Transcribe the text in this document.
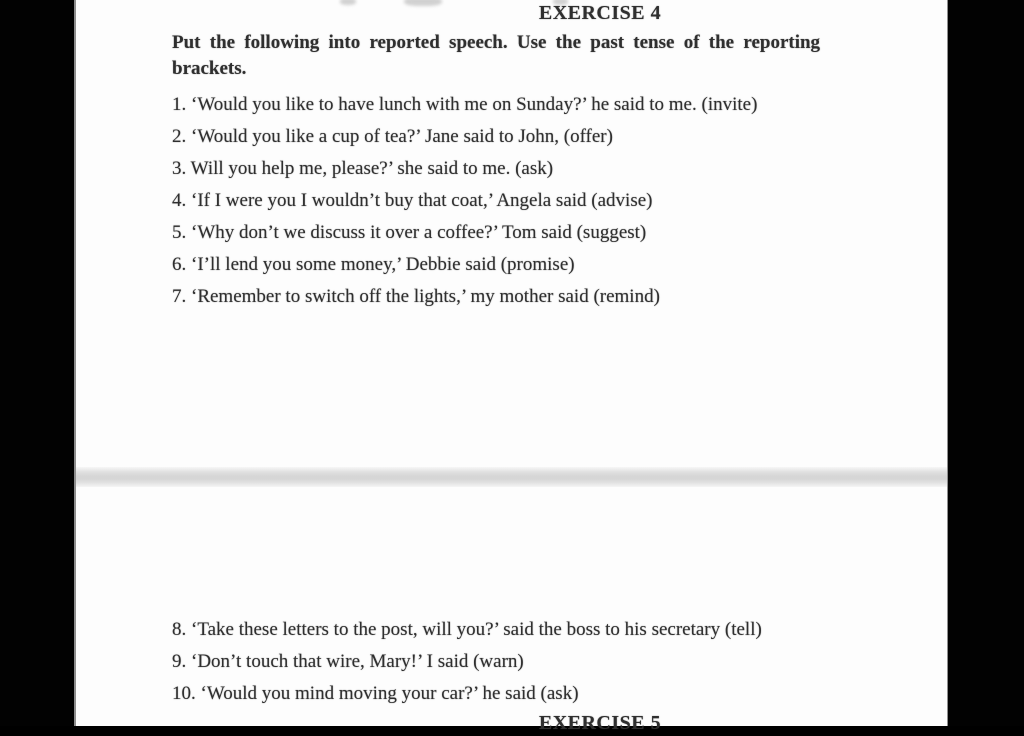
EXERCISE 4
Put the following into reported speech. Use the past tense of the reporting
brackets.
1. ‘Would you like to have lunch with me on Sunday?’ he said to me. (invite)
2. ‘Would you like a cup of tea?’ Jane said to John, (offer)
3. Will you help me, please?’ she said to me. (ask)
4. ‘If I were you I wouldn’t buy that coat,’ Angela said (advise)
5. ‘Why don’t we discuss it over a coffee?’ Tom said (suggest)
6. ‘I’ll lend you some money,’ Debbie said (promise)
7. ‘Remember to switch off the lights,’ my mother said (remind)
8. ‘Take these letters to the post, will you?’ said the boss to his secretary (tell)
9. ‘Don’t touch that wire, Mary!’ I said (warn)
10. ‘Would you mind moving your car?’ he said (ask)
EXERCISE 5
